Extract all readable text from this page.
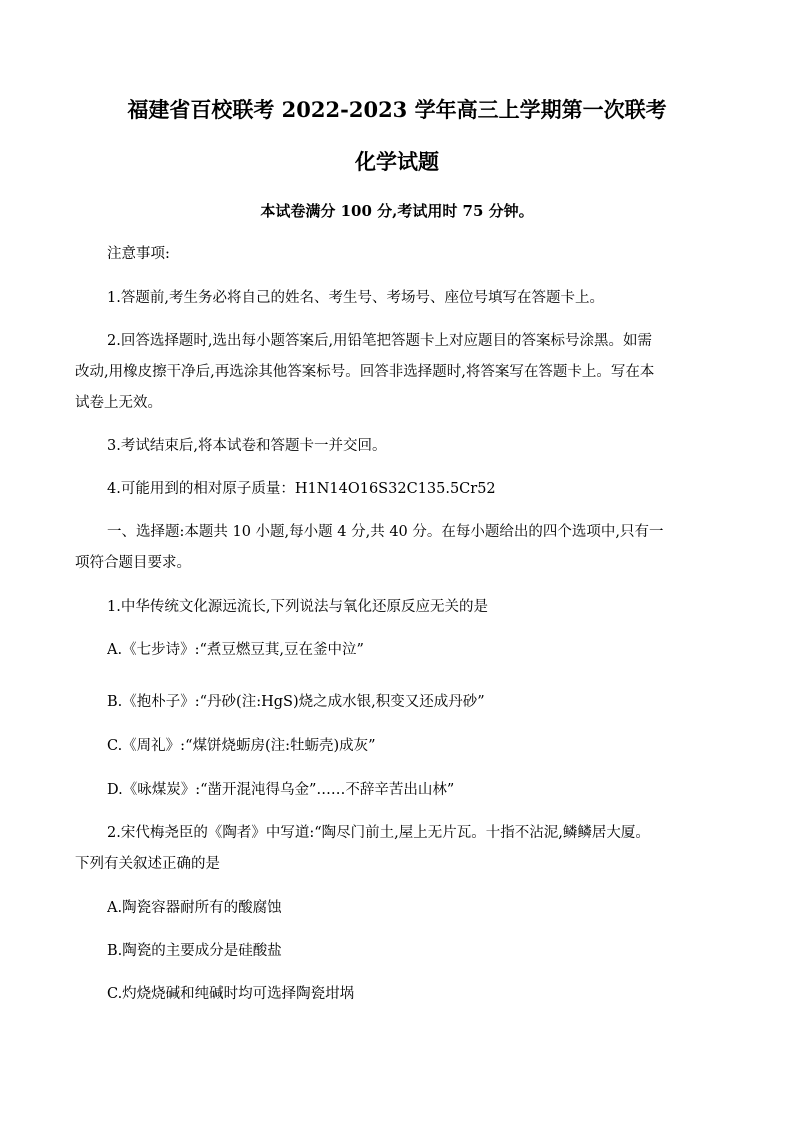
福建省百校联考 2022-2023 学年高三上学期第一次联考
化学试题
本试卷满分 100 分,考试用时 75 分钟。
注意事项:
1.答题前,考生务必将自己的姓名、考生号、考场号、座位号填写在答题卡上。
2.回答选择题时,选出每小题答案后,用铅笔把答题卡上对应题目的答案标号涂黑。如需
改动,用橡皮擦干净后,再选涂其他答案标号。回答非选择题时,将答案写在答题卡上。写在本
试卷上无效。
3.考试结束后,将本试卷和答题卡一并交回。
4.可能用到的相对原子质量：H1N14O16S32C135.5Cr52
一、选择题:本题共 10 小题,每小题 4 分,共 40 分。在每小题给出的四个选项中,只有一
项符合题目要求。
1.中华传统文化源远流长,下列说法与氧化还原反应无关的是
A.《七步诗》:“煮豆燃豆萁,豆在釜中泣”
B.《抱朴子》:“丹砂(注:HgS)烧之成水银,积变又还成丹砂”
C.《周礼》:“煤饼烧蛎房(注:牡蛎壳)成灰”
D.《咏煤炭》:“凿开混沌得乌金”……不辞辛苦出山林”
2.宋代梅尧臣的《陶者》中写道:“陶尽门前土,屋上无片瓦。十指不沾泥,鳞鳞居大厦。
下列有关叙述正确的是
A.陶瓷容器耐所有的酸腐蚀
B.陶瓷的主要成分是硅酸盐
C.灼烧烧碱和纯碱时均可选择陶瓷坩埚
